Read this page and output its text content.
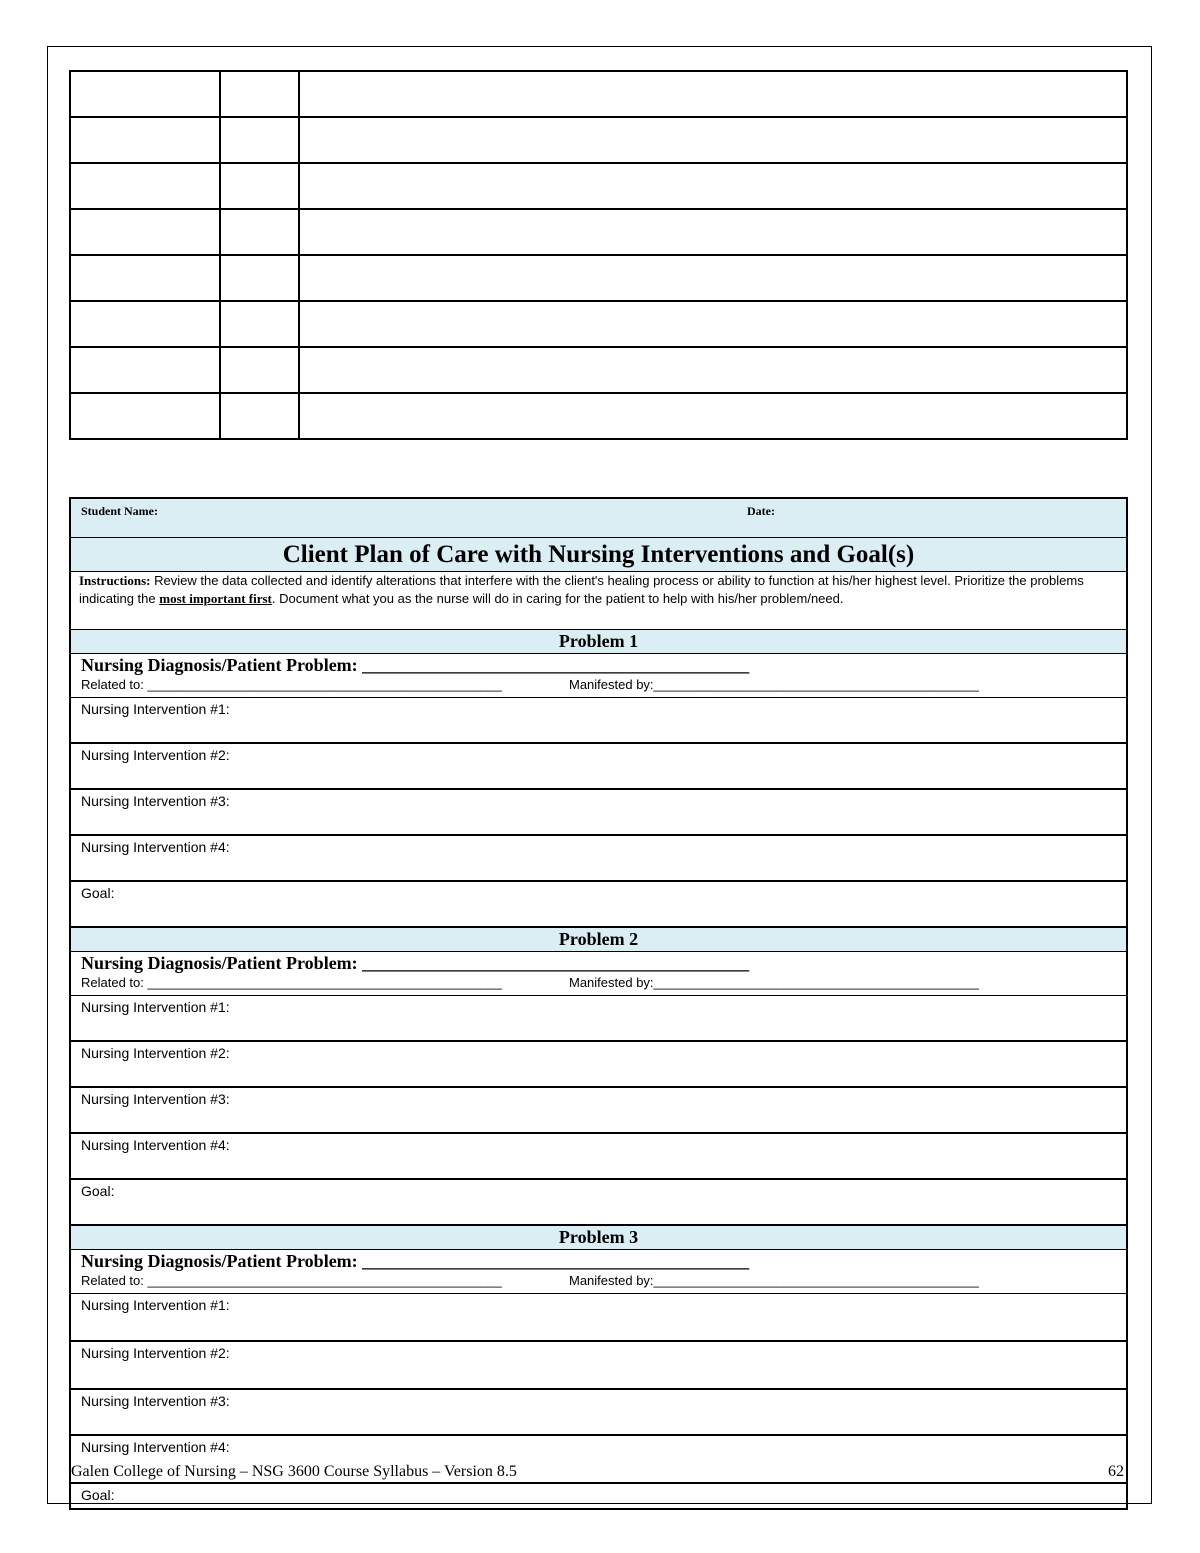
Student Name:	Date:
Client Plan of Care with Nursing Interventions and Goal(s)
Instructions: Review the data collected and identify alterations that interfere with the client's healing process or ability to function at his/her highest level. Prioritize the problems indicating the most important first. Document what you as the nurse will do in caring for the patient to help with his/her problem/need.
Problem 1
Nursing Diagnosis/Patient Problem: ___________________________________________
Related to: _________________________________________________	Manifested by:_____________________________________________
Nursing Intervention #1:
Nursing Intervention #2:
Nursing Intervention #3:
Nursing Intervention #4:
Goal:
Problem 2
Nursing Diagnosis/Patient Problem: ___________________________________________
Related to: _________________________________________________	Manifested by:_____________________________________________
Nursing Intervention #1:
Nursing Intervention #2:
Nursing Intervention #3:
Nursing Intervention #4:
Goal:
Problem 3
Nursing Diagnosis/Patient Problem: ___________________________________________
Related to: _________________________________________________	Manifested by:_____________________________________________
Nursing Intervention #1:
Nursing Intervention #2:
Nursing Intervention #3:
Nursing Intervention #4:
Goal:
Galen College of Nursing – NSG 3600 Course Syllabus – Version 8.5	62
